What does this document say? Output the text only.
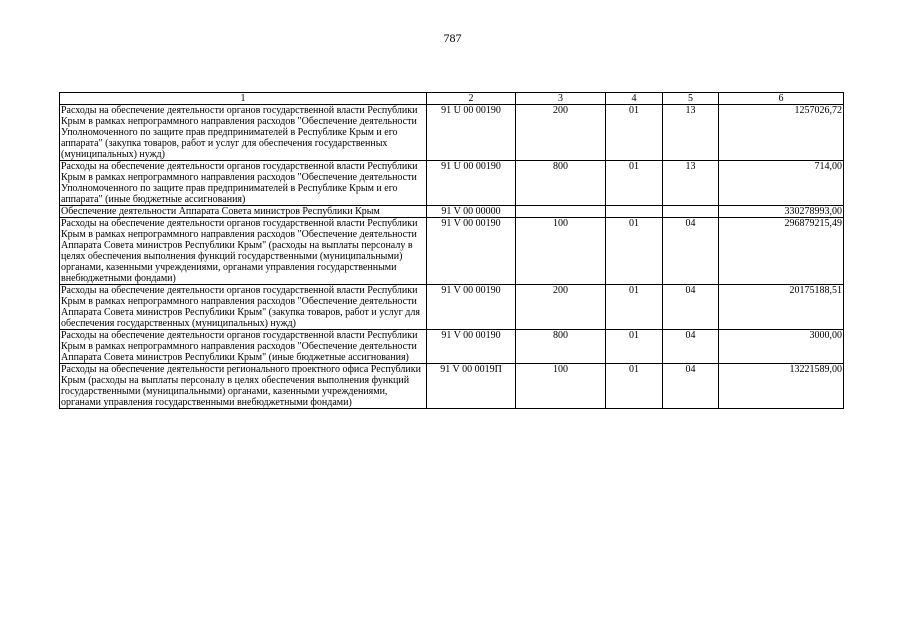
787
1	2	3	4	5	6
Расходы на обеспечение деятельности органов государственной власти Республики Крым в рамках непрограммного направления расходов "Обеспечение деятельности Уполномоченного по защите прав предпринимателей в Республике Крым и его аппарата" (закупка товаров, работ и услуг для обеспечения государственных (муниципальных) нужд)	91 U 00 00190	200	01	13	1257026,72
Расходы на обеспечение деятельности органов государственной власти Республики Крым в рамках непрограммного направления расходов "Обеспечение деятельности Уполномоченного по защите прав предпринимателей в Республике Крым и его аппарата" (иные бюджетные ассигнования)	91 U 00 00190	800	01	13	714,00
Обеспечение деятельности Аппарата Совета министров Республики Крым	91 V 00 00000				330278993,00
Расходы на обеспечение деятельности органов государственной власти Республики Крым в рамках непрограммного направления расходов "Обеспечение деятельности Аппарата Совета министров Республики Крым" (расходы на выплаты персоналу в целях обеспечения выполнения функций государственными (муниципальными) органами, казенными учреждениями, органами управления государственными внебюджетными фондами)	91 V 00 00190	100	01	04	296879215,49
Расходы на обеспечение деятельности органов государственной власти Республики Крым в рамках непрограммного направления расходов "Обеспечение деятельности Аппарата Совета министров Республики Крым" (закупка товаров, работ и услуг для обеспечения государственных (муниципальных) нужд)	91 V 00 00190	200	01	04	20175188,51
Расходы на обеспечение деятельности органов государственной власти Республики Крым в рамках непрограммного направления расходов "Обеспечение деятельности Аппарата Совета министров Республики Крым" (иные бюджетные ассигнования)	91 V 00 00190	800	01	04	3000,00
Расходы на обеспечение деятельности регионального проектного офиса Республики Крым (расходы на выплаты персоналу в целях обеспечения выполнения функций государственными (муниципальными) органами, казенными учреждениями, органами управления государственными внебюджетными фондами)	91 V 00 0019П	100	01	04	13221589,00
